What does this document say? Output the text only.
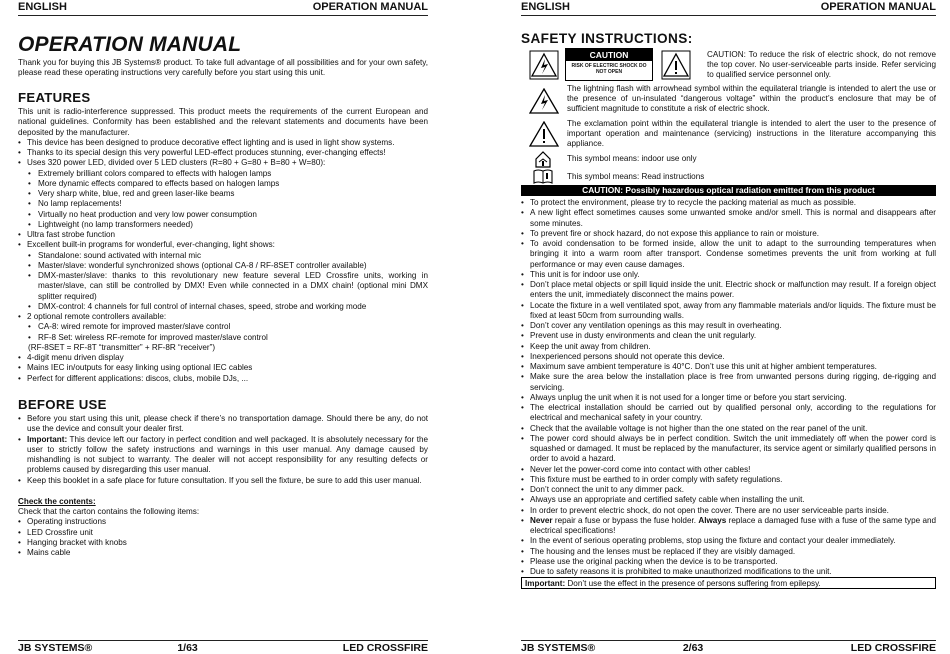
ENGLISH	OPERATION MANUAL
OPERATION MANUAL
Thank you for buying this JB Systems® product. To take full advantage of all possibilities and for your own safety, please read these operating instructions very carefully before you start using this unit.
FEATURES
This unit is radio-interference suppressed. This product meets the requirements of the current European and national guidelines. Conformity has been established and the relevant statements and documents have been deposited by the manufacturer.
• This device has been designed to produce decorative effect lighting and is used in light show systems.
• Thanks to its special design this very powerful LED-effect produces stunning, ever-changing effects!
• Uses 320 power LED, divided over 5 LED clusters (R=80 + G=80 + B=80 + W=80):
• Extremely brilliant colors compared to effects with halogen lamps
• More dynamic effects compared to effects based on halogen lamps
• Very sharp white, blue, red and green laser-like beams
• No lamp replacements!
• Virtually no heat production and very low power consumption
• Lightweight (no lamp transformers needed)
• Ultra fast strobe function
• Excellent built-in programs for wonderful, ever-changing, light shows:
• Standalone: sound activated with internal mic
• Master/slave: wonderful synchronized shows (optional CA-8 / RF-8SET controller available)
• DMX-master/slave: thanks to this revolutionary new feature several LED Crossfire units, working in master/slave, can still be controlled by DMX! Even while connected in a DMX chain! (optional mini DMX splitter required)
• DMX-control: 4 channels for full control of internal chases, speed, strobe and working mode
• 2 optional remote controllers available:
• CA-8: wired remote for improved master/slave control
• RF-8 Set: wireless RF-remote for improved master/slave control
(RF-8SET = RF-8T “transmitter” + RF-8R “receiver”)
• 4-digit menu driven display
• Mains IEC in/outputs for easy linking using optional IEC cables
• Perfect for different applications: discos, clubs, mobile DJs, ...
BEFORE USE
• Before you start using this unit, please check if there’s no transportation damage. Should there be any, do not use the device and consult your dealer first.
• Important: This device left our factory in perfect condition and well packaged. It is absolutely necessary for the user to strictly follow the safety instructions and warnings in this user manual. Any damage caused by mishandling is not subject to warranty. The dealer will not accept responsibility for any resulting defects or problems caused by disregarding this user manual.
• Keep this booklet in a safe place for future consultation. If you sell the fixture, be sure to add this user manual.
Check the contents:
Check that the carton contains the following items:
• Operating instructions
• LED Crossfire unit
• Hanging bracket with knobs
• Mains cable
JB SYSTEMS®	1/63	LED CROSSFIRE
ENGLISH	OPERATION MANUAL
SAFETY INSTRUCTIONS:
CAUTION
RISK OF ELECTRIC SHOCK DO NOT OPEN
CAUTION: To reduce the risk of electric shock, do not remove the top cover. No user-serviceable parts inside. Refer servicing to qualified service personnel only.
The lightning flash with arrowhead symbol within the equilateral triangle is intended to alert the use or the presence of un-insulated “dangerous voltage” within the product’s enclosure that may be of sufficient magnitude to constitute a risk of electric shock.
The exclamation point within the equilateral triangle is intended to alert the user to the presence of important operation and maintenance (servicing) instructions in the literature accompanying this appliance.
This symbol means: indoor use only
This symbol means: Read instructions
CAUTION: Possibly hazardous optical radiation emitted from this product
• To protect the environment, please try to recycle the packing material as much as possible.
• A new light effect sometimes causes some unwanted smoke and/or smell. This is normal and disappears after some minutes.
• To prevent fire or shock hazard, do not expose this appliance to rain or moisture.
• To avoid condensation to be formed inside, allow the unit to adapt to the surrounding temperatures when bringing it into a warm room after transport. Condense sometimes prevents the unit from working at full performance or may even cause damages.
• This unit is for indoor use only.
• Don’t place metal objects or spill liquid inside the unit. Electric shock or malfunction may result. If a foreign object enters the unit, immediately disconnect the mains power.
• Locate the fixture in a well ventilated spot, away from any flammable materials and/or liquids. The fixture must be fixed at least 50cm from surrounding walls.
• Don’t cover any ventilation openings as this may result in overheating.
• Prevent use in dusty environments and clean the unit regularly.
• Keep the unit away from children.
• Inexperienced persons should not operate this device.
• Maximum save ambient temperature is 40°C. Don’t use this unit at higher ambient temperatures.
• Make sure the area below the installation place is free from unwanted persons during rigging, de-rigging and servicing.
• Always unplug the unit when it is not used for a longer time or before you start servicing.
• The electrical installation should be carried out by qualified personal only, according to the regulations for electrical and mechanical safety in your country.
• Check that the available voltage is not higher than the one stated on the rear panel of the unit.
• The power cord should always be in perfect condition. Switch the unit immediately off when the power cord is squashed or damaged. It must be replaced by the manufacturer, its service agent or similarly qualified persons in order to avoid a hazard.
• Never let the power-cord come into contact with other cables!
• This fixture must be earthed to in order comply with safety regulations.
• Don’t connect the unit to any dimmer pack.
• Always use an appropriate and certified safety cable when installing the unit.
• In order to prevent electric shock, do not open the cover. There are no user serviceable parts inside.
• Never repair a fuse or bypass the fuse holder. Always replace a damaged fuse with a fuse of the same type and electrical specifications!
• In the event of serious operating problems, stop using the fixture and contact your dealer immediately.
• The housing and the lenses must be replaced if they are visibly damaged.
• Please use the original packing when the device is to be transported.
• Due to safety reasons it is prohibited to make unauthorized modifications to the unit.
Important: Don’t use the effect in the presence of persons suffering from epilepsy.
JB SYSTEMS®	2/63	LED CROSSFIRE
